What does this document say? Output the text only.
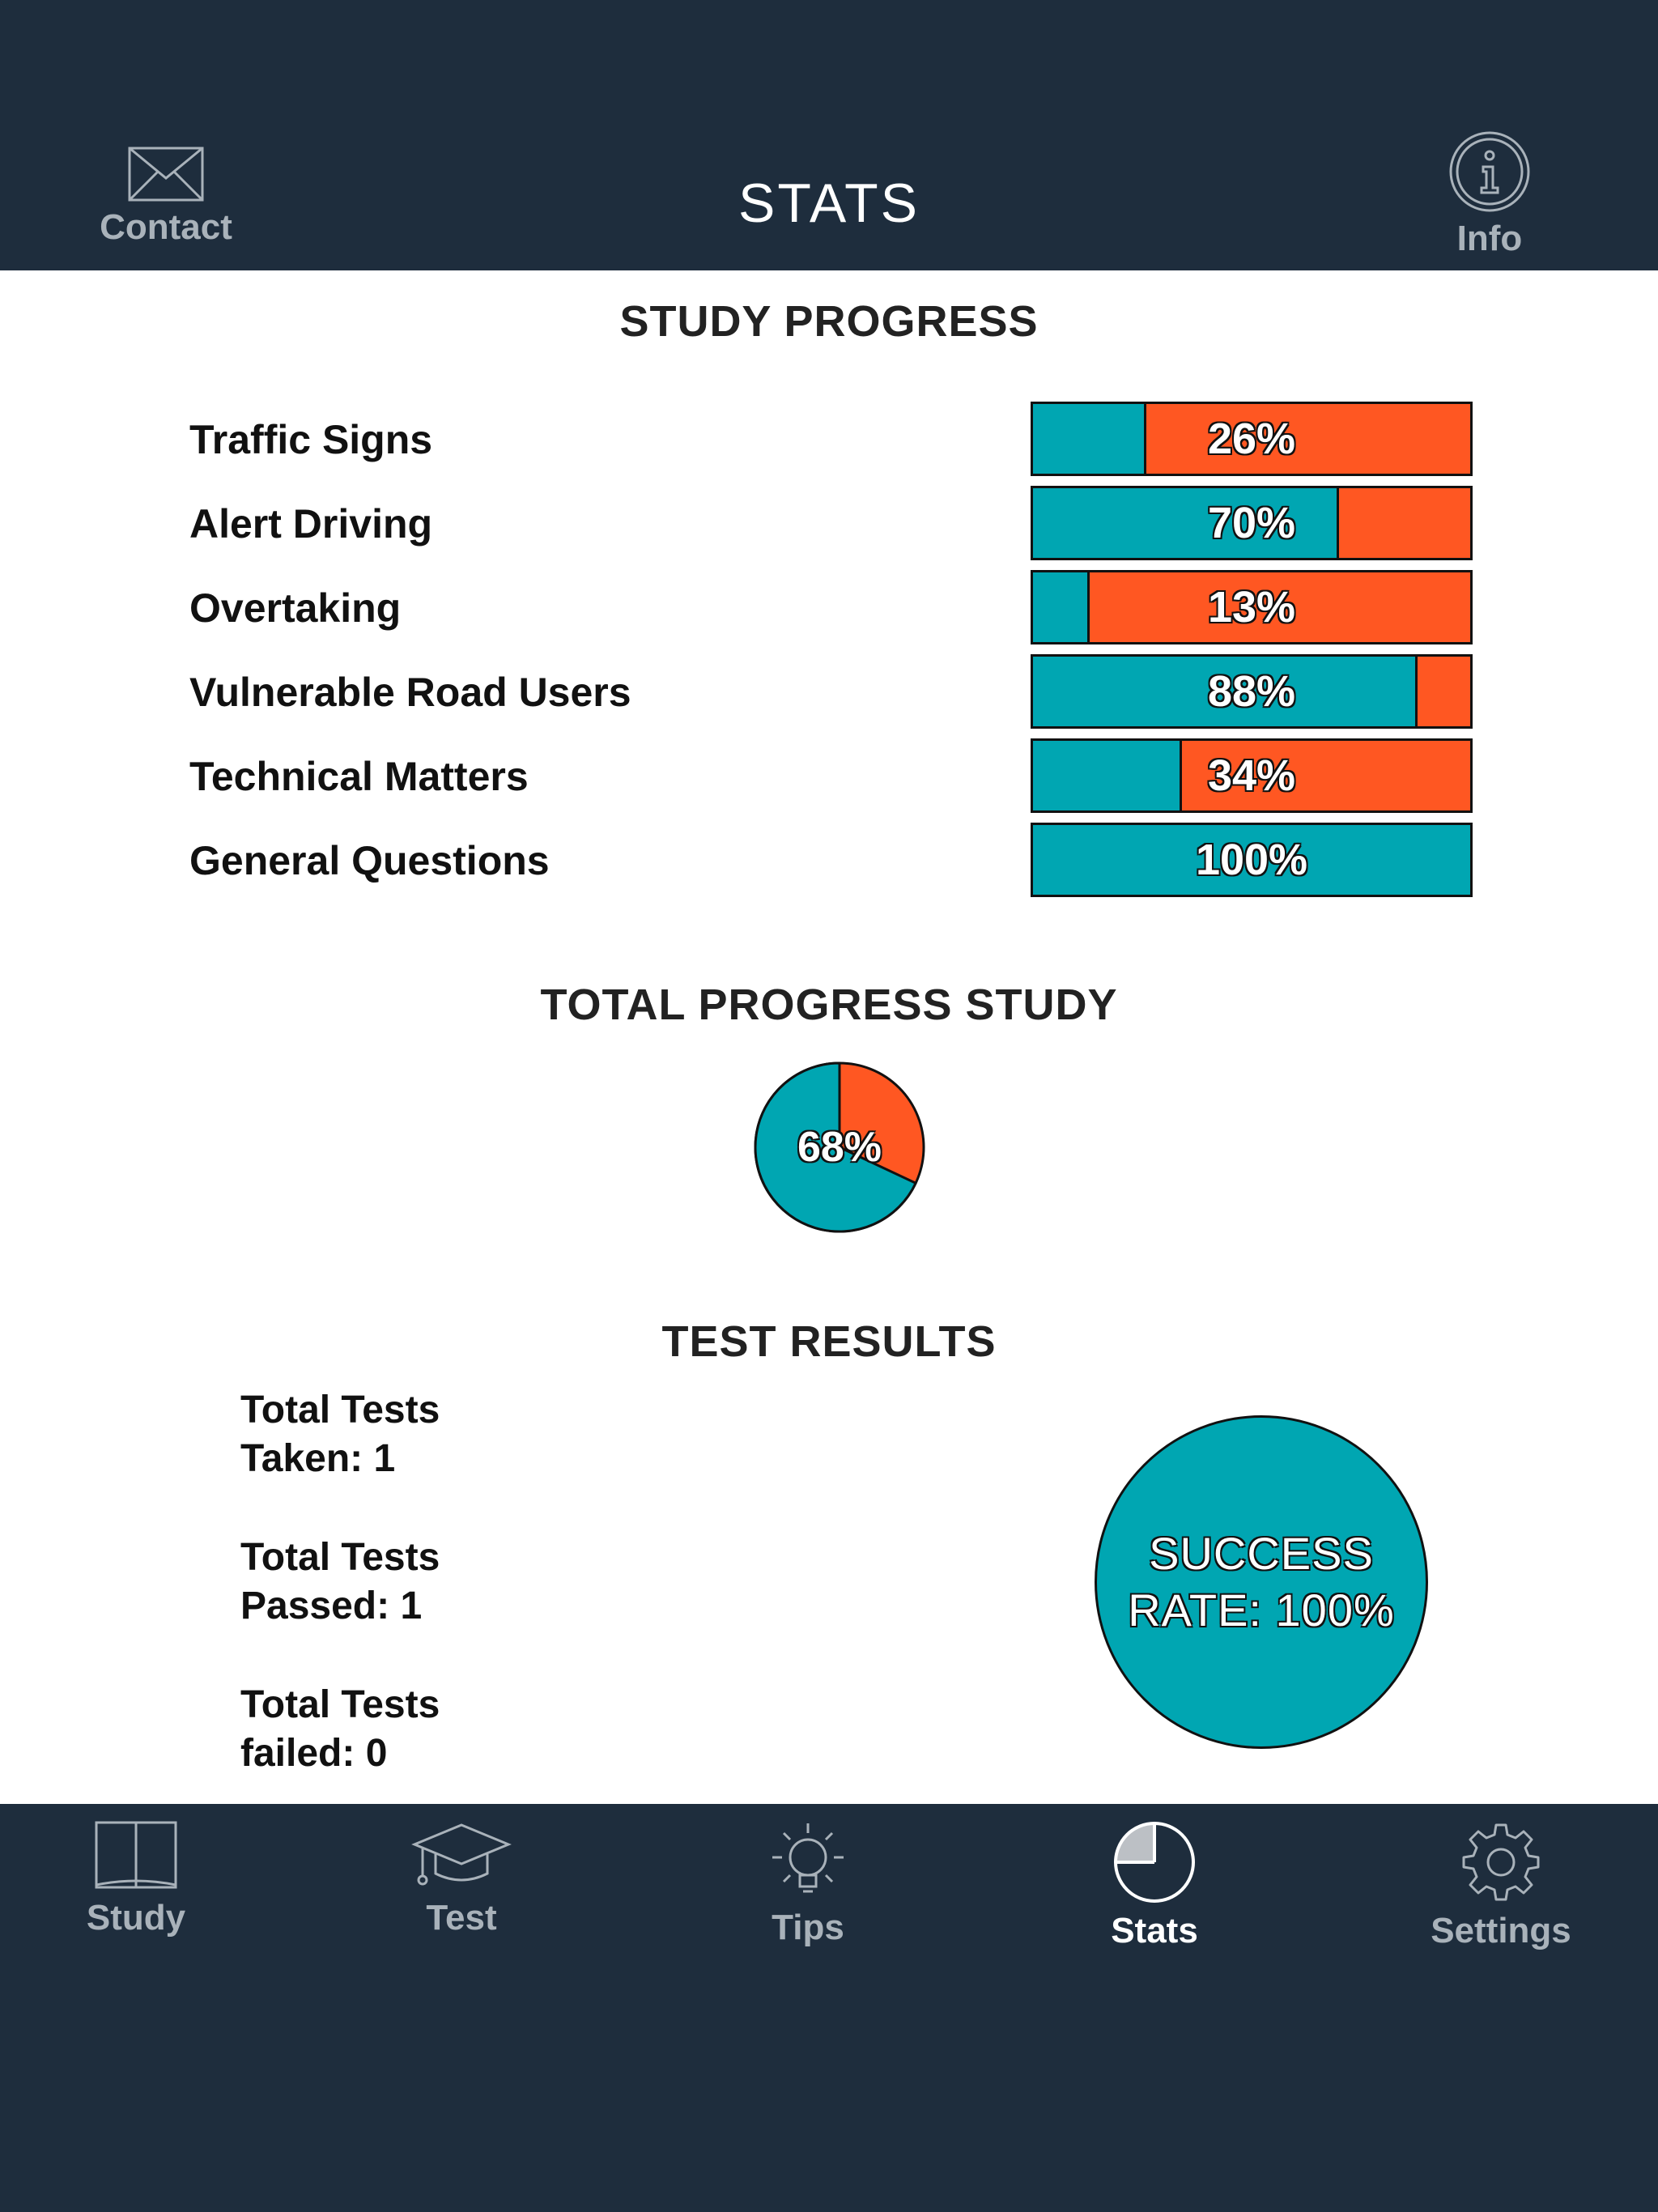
Contact	STATS
Info
STUDY PROGRESS
Traffic Signs	26%
Alert Driving	70%
Overtaking	13%
Vulnerable Road Users	88%
Technical Matters	34%
General Questions	100%
TOTAL PROGRESS STUDY
68%
TEST RESULTS
Total Tests
Taken: 1
Total Tests
Passed: 1
Total Tests
failed: 0
SUCCESS
RATE: 100%
Study	Test	Tips	Stats	Settings
